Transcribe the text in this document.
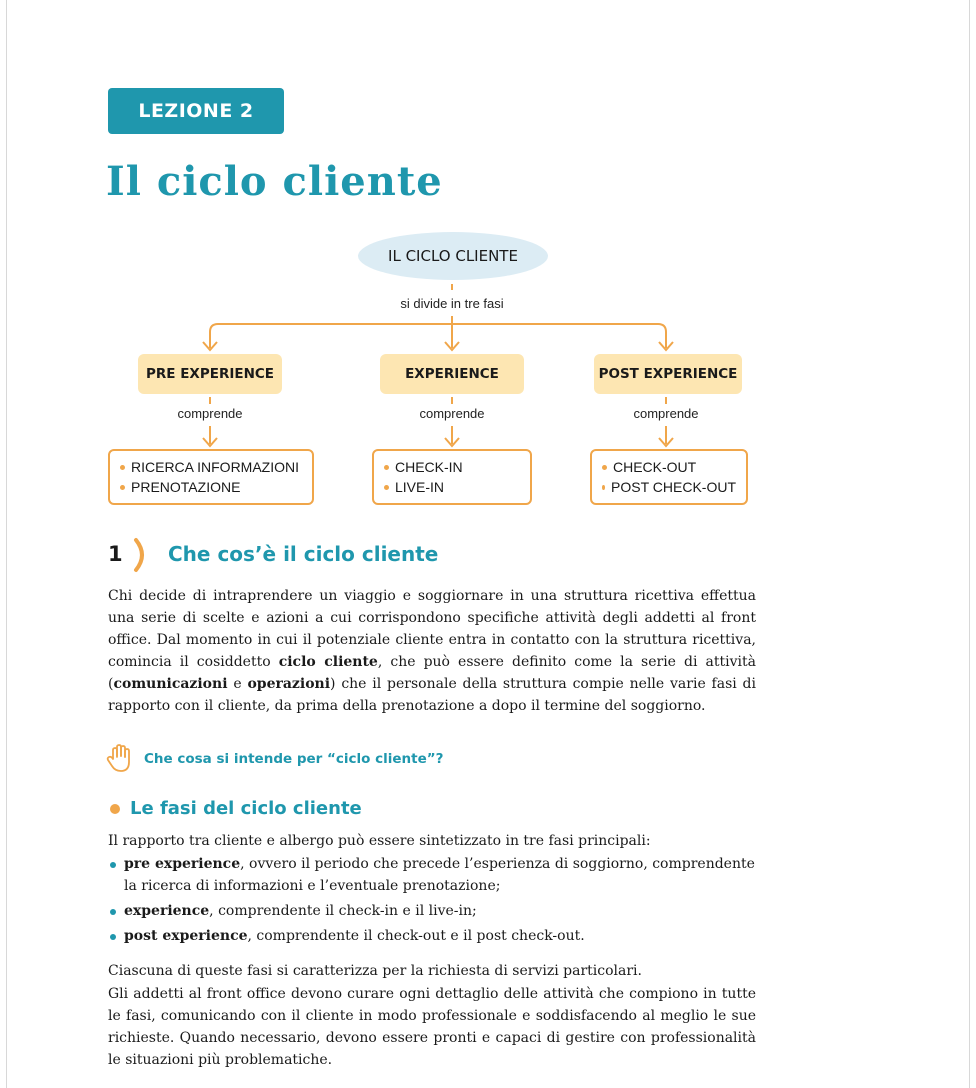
LEZIONE 2
Il ciclo cliente
IL CICLO CLIENTE
si divide in tre fasi
PRE EXPERIENCE	EXPERIENCE	POST EXPERIENCE
comprende	comprende	comprende
RICERCA INFORMAZIONI
PRENOTAZIONE
CHECK-IN
LIVE-IN
CHECK-OUT
POST CHECK-OUT
1 Che cos’è il ciclo cliente
Chi decide di intraprendere un viaggio e soggiornare in una struttura ricettiva effettua una serie di scelte e azioni a cui corrispondono specifiche attività degli addetti al front office. Dal momento in cui il potenziale cliente entra in contatto con la struttura ricettiva, comincia il cosiddetto ciclo cliente, che può essere definito come la serie di attività (comunicazioni e operazioni) che il personale della struttura compie nelle varie fasi di rapporto con il cliente, da prima della prenotazione a dopo il termine del soggiorno.
Che cosa si intende per “ciclo cliente”?
Le fasi del ciclo cliente
Il rapporto tra cliente e albergo può essere sintetizzato in tre fasi principali:
pre experience, ovvero il periodo che precede l’esperienza di soggiorno, comprendente la ricerca di informazioni e l’eventuale prenotazione;
experience, comprendente il check-in e il live-in;
post experience, comprendente il check-out e il post check-out.
Ciascuna di queste fasi si caratterizza per la richiesta di servizi particolari.
Gli addetti al front office devono curare ogni dettaglio delle attività che compiono in tutte le fasi, comunicando con il cliente in modo professionale e soddisfacendo al meglio le sue richieste. Quando necessario, devono essere pronti e capaci di gestire con professionalità le situazioni più problematiche.
